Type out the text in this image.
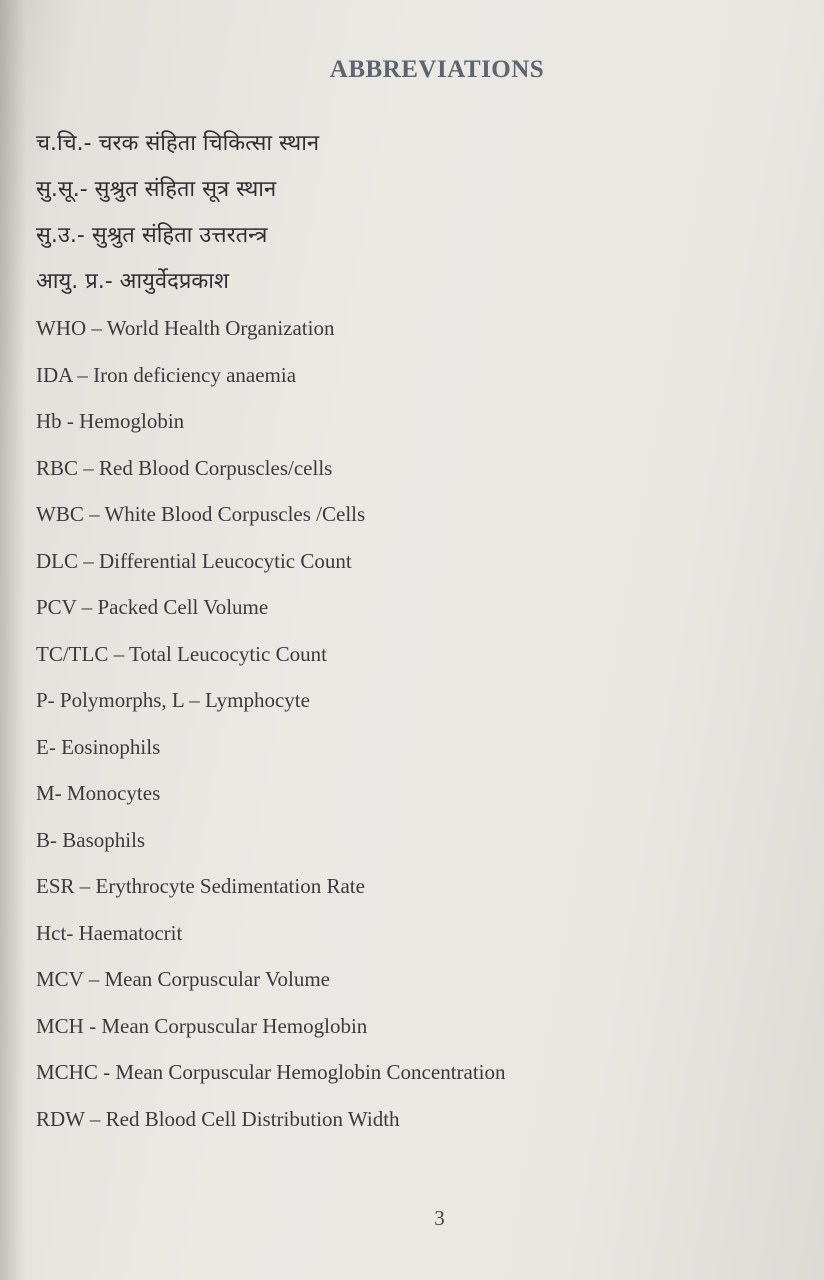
ABBREVIATIONS
च.चि.- चरक संहिता चिकित्सा स्थान
सु.सू.- सुश्रुत संहिता सूत्र स्थान
सु.उ.- सुश्रुत संहिता उत्तरतन्त्र
आयु. प्र.- आयुर्वेदप्रकाश
WHO – World Health Organization
IDA – Iron deficiency anaemia
Hb - Hemoglobin
RBC – Red Blood Corpuscles/cells
WBC – White Blood Corpuscles /Cells
DLC – Differential Leucocytic Count
PCV – Packed Cell Volume
TC/TLC – Total Leucocytic Count
P- Polymorphs, L – Lymphocyte
E- Eosinophils
M- Monocytes
B- Basophils
ESR – Erythrocyte Sedimentation Rate
Hct- Haematocrit
MCV – Mean Corpuscular Volume
MCH - Mean Corpuscular Hemoglobin
MCHC - Mean Corpuscular Hemoglobin Concentration
RDW – Red Blood Cell Distribution Width
3
